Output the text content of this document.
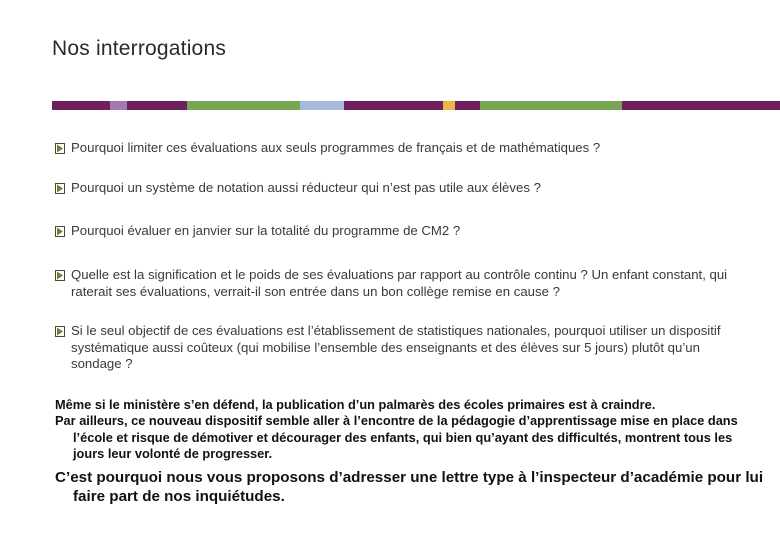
Nos interrogations
Pourquoi limiter ces évaluations aux seuls programmes de français et de mathématiques ?
Pourquoi un système de notation aussi réducteur qui n’est pas utile aux élèves ?
Pourquoi évaluer en janvier sur la totalité du programme de CM2 ?
Quelle est la signification et le poids de ses évaluations par rapport au contrôle continu ? Un enfant constant, qui raterait ses évaluations, verrait-il son entrée dans un bon collège remise en cause ?
Si le seul objectif de ces évaluations est l’établissement de statistiques nationales, pourquoi utiliser un dispositif systématique aussi coûteux (qui mobilise l’ensemble des enseignants et des élèves sur 5 jours) plutôt qu’un sondage ?

Même si le ministère s’en défend, la publication d’un palmarès des écoles primaires est à craindre.

Par ailleurs, ce nouveau dispositif semble aller à l’encontre de la pédagogie d’apprentissage mise en place dans l’école et risque de démotiver et décourager des enfants, qui bien qu’ayant des difficultés, montrent tous les jours leur volonté de progresser.

C’est pourquoi nous vous proposons d’adresser une lettre type à l’inspecteur d’académie pour lui faire part de nos inquiétudes.
